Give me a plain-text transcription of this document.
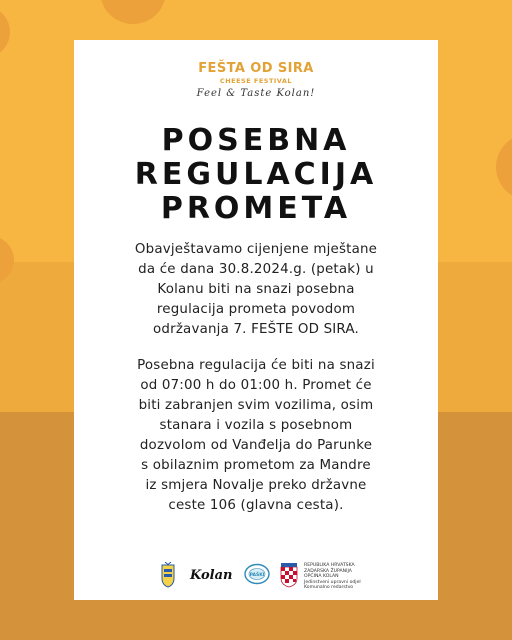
FEŠTA OD SIRA
CHEESE FESTIVAL
Feel & Taste Kolan!
POSEBNA
REGULACIJA
PROMETA
Obavještavamo cijenjene mještane
da će dana 30.8.2024.g. (petak) u
Kolanu biti na snazi posebna
regulacija prometa povodom
održavanja 7. FEŠTE OD SIRA.
Posebna regulacija će biti na snazi
od 07:00 h do 01:00 h. Promet će
biti zabranjen svim vozilima, osim
stanara i vozila s posebnom
dozvolom od Vanđelja do Parunke
s obilaznim prometom za Mandre
iz smjera Novalje preko državne
ceste 106 (glavna cesta).
Kolan	PAŠKI
REPUBLIKA HRVATSKA
ZADARSKA ŽUPANIJA
OPĆINA KOLAN
Jedinstveni upravni odjel
Komunalno redarstvo
